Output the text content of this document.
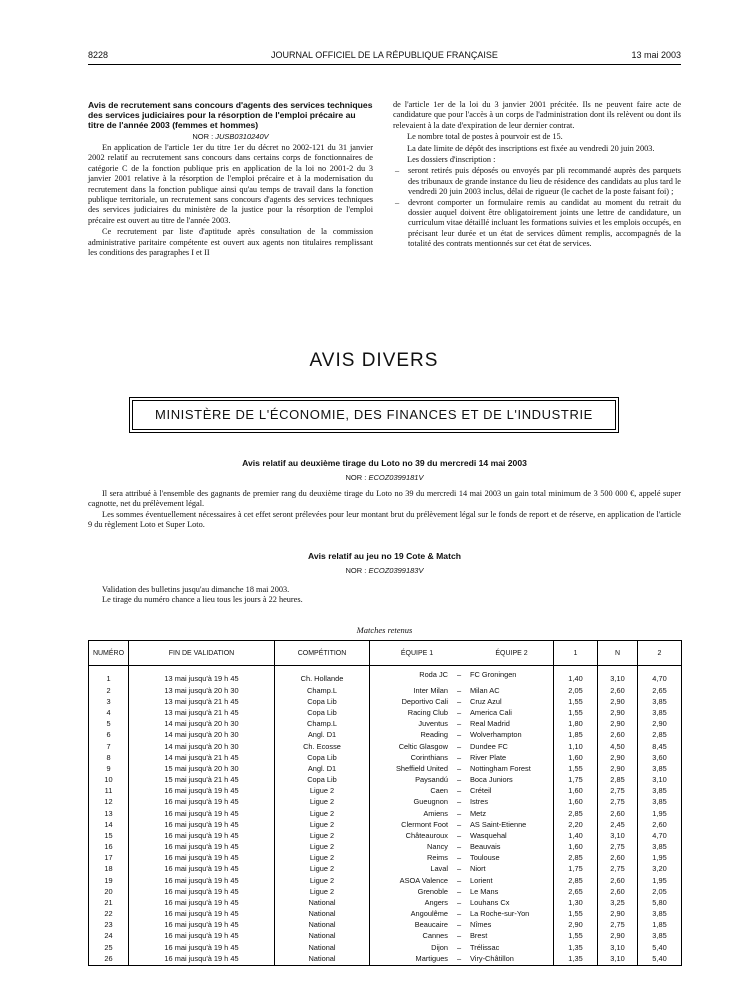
8228	JOURNAL OFFICIEL DE LA RÉPUBLIQUE FRANÇAISE	13 mai 2003

Avis de recrutement sans concours d'agents des services techniques des services judiciaires pour la résorption de l'emploi précaire au titre de l'année 2003 (femmes et hommes)

NOR : JUSB0310240V

En application de l'article 1er du titre 1er du décret no 2002-121 du 31 janvier 2002 relatif au recrutement sans concours dans certains corps de fonctionnaires de catégorie C de la fonction publique pris en application de la loi no 2001-2 du 3 janvier 2001 relative à la résorption de l'emploi précaire et à la modernisation du recrutement dans la fonction publique ainsi qu'au temps de travail dans la fonction publique territoriale, un recrutement sans concours d'agents des services techniques des services judiciaires du ministère de la justice pour la résorption de l'emploi précaire est ouvert au titre de l'année 2003.

Ce recrutement par liste d'aptitude après consultation de la commission administrative paritaire compétente est ouvert aux agents non titulaires remplissant les conditions des paragraphes I et II

de l'article 1er de la loi du 3 janvier 2001 précitée. Ils ne peuvent faire acte de candidature que pour l'accès à un corps de l'administration dont ils relèvent ou dont ils relevaient à la date d'expiration de leur dernier contrat.

Le nombre total de postes à pourvoir est de 15.

La date limite de dépôt des inscriptions est fixée au vendredi 20 juin 2003.

Les dossiers d'inscription :

– seront retirés puis déposés ou envoyés par pli recommandé auprès des parquets des tribunaux de grande instance du lieu de résidence des candidats au plus tard le vendredi 20 juin 2003 inclus, délai de rigueur (le cachet de la poste faisant foi) ;
– devront comporter un formulaire remis au candidat au moment du retrait du dossier auquel doivent être obligatoirement joints une lettre de candidature, un curriculum vitae détaillé incluant les formations suivies et les emplois occupés, en précisant leur durée et un état de services dûment remplis, accompagnés de la totalité des contrats mentionnés sur cet état de services.
AVIS DIVERS
MINISTÈRE DE L'ÉCONOMIE, DES FINANCES ET DE L'INDUSTRIE
Avis relatif au deuxième tirage du Loto no 39 du mercredi 14 mai 2003
NOR : ECOZ0399181V

Il sera attribué à l'ensemble des gagnants de premier rang du deuxième tirage du Loto no 39 du mercredi 14 mai 2003 un gain total minimum de 3 500 000 €, appelé super cagnotte, net du prélèvement légal.

Les sommes éventuellement nécessaires à cet effet seront prélevées pour leur montant brut du prélèvement légal sur le fonds de report et de réserve, en application de l'article 9 du règlement Loto et Super Loto.

Avis relatif au jeu no 19 Cote & Match
NOR : ECOZ0399183V

Validation des bulletins jusqu'au dimanche 18 mai 2003.

Le tirage du numéro chance a lieu tous les jours à 22 heures.

Matches retenus
NUMÉRO	FIN DE VALIDATION	COMPÉTITION	ÉQUIPE 1 ÉQUIPE 2	1	N	2
1	13 mai jusqu'à 19 h 45	Ch. Hollande	Roda JC – FC Groningen	1,40	3,10	4,70
2	13 mai jusqu'à 20 h 30	Champ.L	Inter Milan – Milan AC	2,05	2,60	2,65
3	13 mai jusqu'à 21 h 45	Copa Lib	Deportivo Cali – Cruz Azul	1,55	2,90	3,85
4	13 mai jusqu'à 21 h 45	Copa Lib	Racing Club – America Cali	1,55	2,90	3,85
5	14 mai jusqu'à 20 h 30	Champ.L	Juventus – Real Madrid	1,80	2,90	2,90
6	14 mai jusqu'à 20 h 30	Angl. D1	Reading – Wolverhampton	1,85	2,60	2,85
7	14 mai jusqu'à 20 h 30	Ch. Ecosse	Celtic Glasgow – Dundee FC	1,10	4,50	8,45
8	14 mai jusqu'à 21 h 45	Copa Lib	Corinthians – River Plate	1,60	2,90	3,60
9	15 mai jusqu'à 20 h 30	Angl. D1	Sheffield United – Nottingham Forest	1,55	2,90	3,85
10	15 mai jusqu'à 21 h 45	Copa Lib	Paysandú – Boca Juniors	1,75	2,85	3,10
11	16 mai jusqu'à 19 h 45	Ligue 2	Caen – Créteil	1,60	2,75	3,85
12	16 mai jusqu'à 19 h 45	Ligue 2	Gueugnon – Istres	1,60	2,75	3,85
13	16 mai jusqu'à 19 h 45	Ligue 2	Amiens – Metz	2,85	2,60	1,95
14	16 mai jusqu'à 19 h 45	Ligue 2	Clermont Foot – AS Saint-Etienne	2,20	2,45	2,60
15	16 mai jusqu'à 19 h 45	Ligue 2	Châteauroux – Wasquehal	1,40	3,10	4,70
16	16 mai jusqu'à 19 h 45	Ligue 2	Nancy – Beauvais	1,60	2,75	3,85
17	16 mai jusqu'à 19 h 45	Ligue 2	Reims – Toulouse	2,85	2,60	1,95
18	16 mai jusqu'à 19 h 45	Ligue 2	Laval – Niort	1,75	2,75	3,20
19	16 mai jusqu'à 19 h 45	Ligue 2	ASOA Valence – Lorient	2,85	2,60	1,95
20	16 mai jusqu'à 19 h 45	Ligue 2	Grenoble – Le Mans	2,65	2,60	2,05
21	16 mai jusqu'à 19 h 45	National	Angers – Louhans Cx	1,30	3,25	5,80
22	16 mai jusqu'à 19 h 45	National	Angoulême – La Roche-sur-Yon	1,55	2,90	3,85
23	16 mai jusqu'à 19 h 45	National	Beaucaire – Nîmes	2,90	2,75	1,85
24	16 mai jusqu'à 19 h 45	National	Cannes – Brest	1,55	2,90	3,85
25	16 mai jusqu'à 19 h 45	National	Dijon – Trélissac	1,35	3,10	5,40
26	16 mai jusqu'à 19 h 45	National	Martigues – Viry-Châtillon	1,35	3,10	5,40
